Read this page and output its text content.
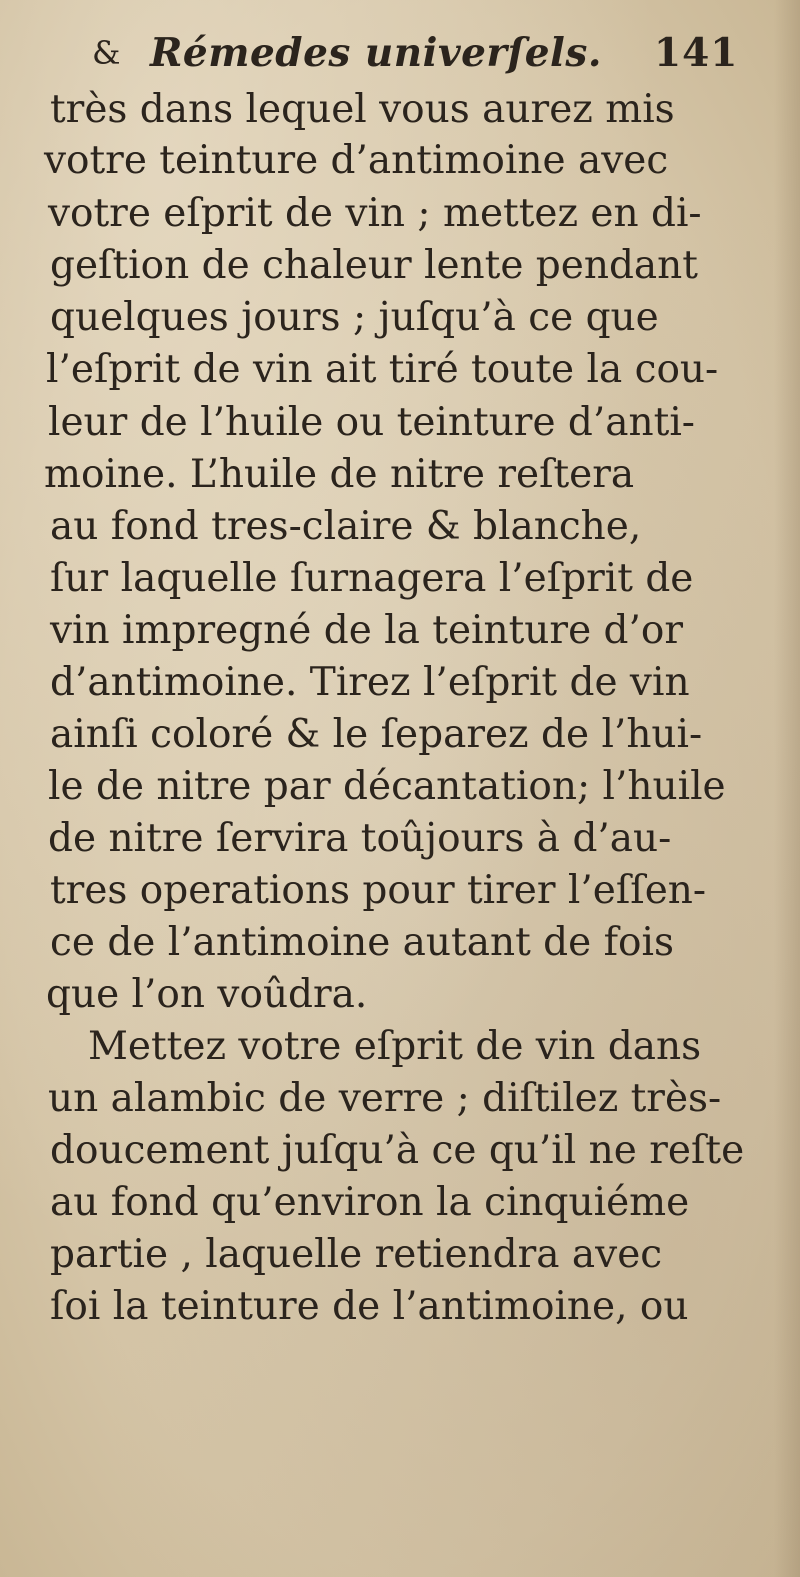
& Rémedes univerſels. 141
très dans lequel vous aurez mis
votre teinture d’antimoine avec
votre eſprit de vin ; mettez en di-
geſtion de chaleur lente pendant
quelques jours ; juſqu’à ce que
l’eſprit de vin ait tiré toute la cou-
leur de l’huile ou teinture d’anti-
moine. L’huile de nitre reſtera
au fond tres-claire & blanche,
ſur laquelle ſurnagera l’eſprit de
vin impregné de la teinture d’or
d’antimoine. Tirez l’eſprit de vin
ainſi coloré & le ſeparez de l’hui-
le de nitre par décantation; l’huile
de nitre ſervira toûjours à d’au-
tres operations pour tirer l’eſſen-
ce de l’antimoine autant de fois
que l’on voûdra.
Mettez votre eſprit de vin dans
un alambic de verre ; diſtilez très-
doucement juſqu’à ce qu’il ne reſte
au fond qu’environ la cinquiéme
partie , laquelle retiendra avec
ſoi la teinture de l’antimoine, ou
